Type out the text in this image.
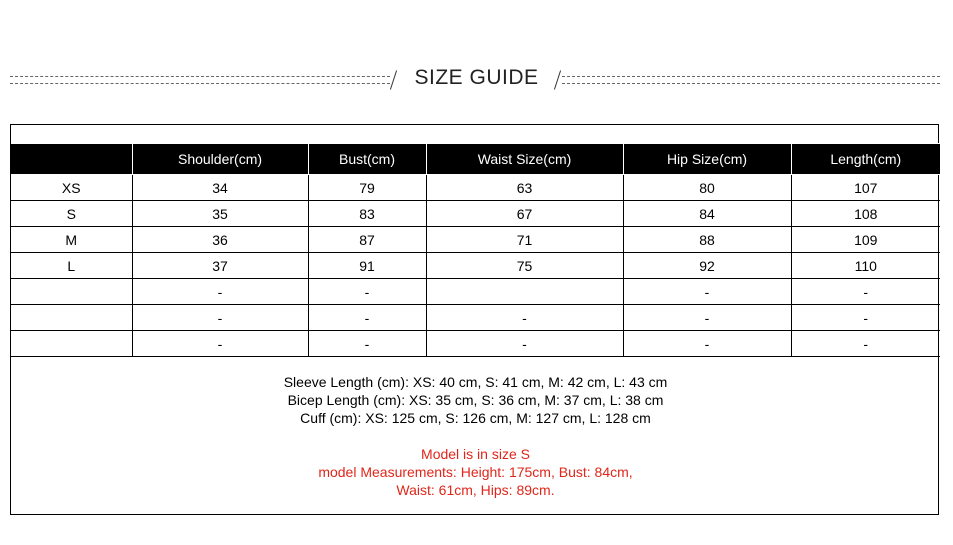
SIZE GUIDE
	Shoulder(cm)	Bust(cm)	Waist Size(cm)	Hip Size(cm)	Length(cm)
XS	34	79	63	80	107
S	35	83	67	84	108
M	36	87	71	88	109
L	37	91	75	92	110
	-	-		-	-
	-	-	-	-	-
	-	-	-	-	-
Sleeve Length (cm): XS: 40 cm, S: 41 cm, M: 42 cm, L: 43 cm
Bicep Length (cm): XS: 35 cm, S: 36 cm, M: 37 cm, L: 38 cm
Cuff (cm): XS: 125 cm, S: 126 cm, M: 127 cm, L: 128 cm
Model is in size S
model Measurements: Height: 175cm, Bust: 84cm,
Waist: 61cm, Hips: 89cm.
